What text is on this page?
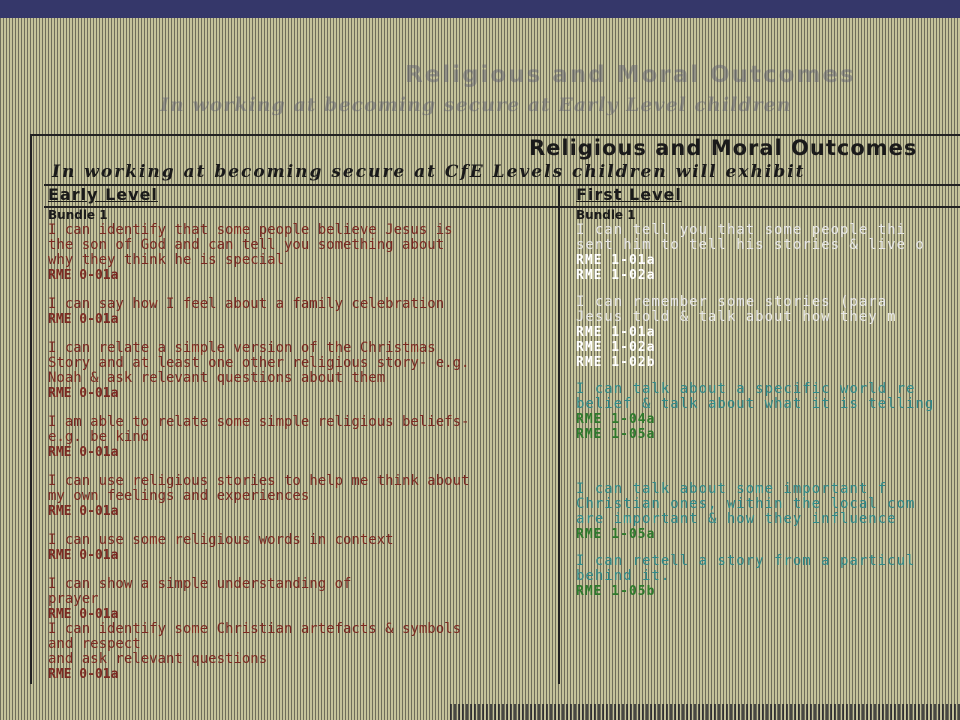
Religious and Moral Outcomes
In working at becoming secure at Early Level children
Religious and Moral Outcomes
In working at becoming secure at CfE Levels children will exhibit
Early Level
Bundle 1
I can identify that some people believe Jesus is
the son of God and can tell you something about
why they think he is special
RME 0-01a
I can say how I feel about a family celebration
RME 0-01a
I can relate a simple version of the Christmas
Story and at least one other religious story- e.g.
Noah & ask relevant questions about them
RME 0-01a
I am able to relate some simple religious beliefs-
e.g. be kind
RME 0-01a
I can use religious stories to help me think about
my own feelings and experiences
RME 0-01a
I can use some religious words in context
RME 0-01a
I can show a simple understanding of
prayer
RME 0-01a
I can identify some Christian artefacts & symbols
and respect
and ask relevant questions
RME 0-01a
First Level
Bundle 1
I can tell you that some people thi
sent him to tell his stories & live o
RME 1-01a
RME 1-02a
I can remember some stories (para
Jesus told & talk about how they m
RME 1-01a
RME 1-02a
RME 1-02b
I can talk about a specific world re
belief & talk about what it is telling
RME 1-04a
RME 1-05a
I can talk about some important f
Christian ones, within the local com
are important & how they influence
RME 1-05a
I can retell a story from a particul
behind it.
RME 1-05b
